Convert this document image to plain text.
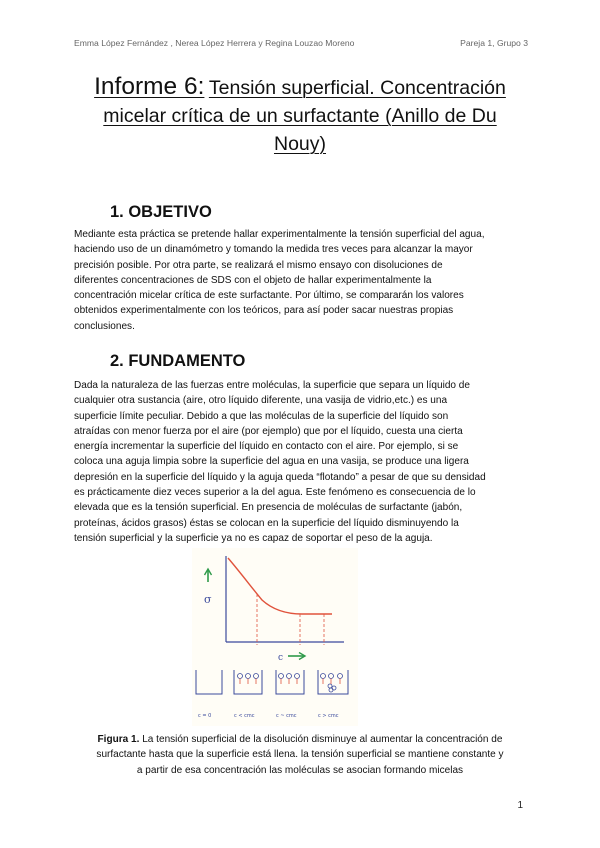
Emma López Fernández , Nerea López Herrera y Regina Louzao Moreno	Pareja 1, Grupo 3
Informe 6: Tensión superficial. Concentración
micelar crítica de un surfactante (Anillo de Du
Nouy)
1. OBJETIVO
Mediante esta práctica se pretende hallar experimentalmente la tensión superficial del agua,
haciendo uso de un dinamómetro y tomando la medida tres veces para alcanzar la mayor
precisión posible. Por otra parte, se realizará el mismo ensayo con disoluciones de
diferentes concentraciones de SDS con el objeto de hallar experimentalmente la
concentración micelar crítica de este surfactante. Por último, se compararán los valores
obtenidos experimentalmente con los teóricos, para así poder sacar nuestras propias
conclusiones.
2. FUNDAMENTO
Dada la naturaleza de las fuerzas entre moléculas, la superficie que separa un líquido de
cualquier otra sustancia (aire, otro líquido diferente, una vasija de vidrio,etc.) es una
superficie límite peculiar. Debido a que las moléculas de la superficie del líquido son
atraídas con menor fuerza por el aire (por ejemplo) que por el líquido, cuesta una cierta
energía incrementar la superficie del líquido en contacto con el aire. Por ejemplo, si se
coloca una aguja limpia sobre la superficie del agua en una vasija, se produce una ligera
depresión en la superficie del líquido y la aguja queda “flotando” a pesar de que su densidad
es prácticamente diez veces superior a la del agua. Este fenómeno es consecuencia de lo
elevada que es la tensión superficial. En presencia de moléculas de surfactante (jabón,
proteínas, ácidos grasos) éstas se colocan en la superficie del líquido disminuyendo la
tensión superficial y la superficie ya no es capaz de soportar el peso de la aguja.
σ
c
c = 0	c < cmc	c ~ cmc	c > cmc
Figura 1. La tensión superficial de la disolución disminuye al aumentar la concentración de
surfactante hasta que la superficie está llena. la tensión superficial se mantiene constante y
a partir de esa concentración las moléculas se asocian formando micelas
1
